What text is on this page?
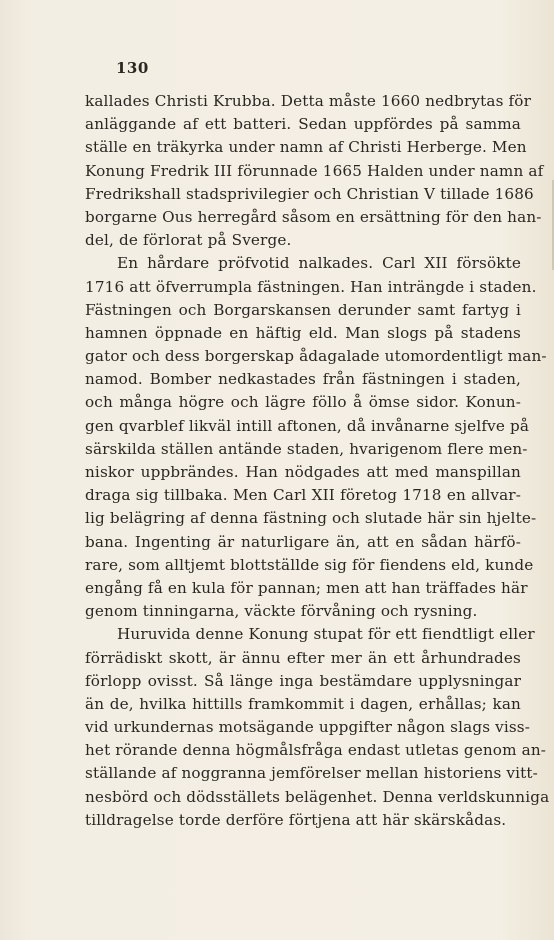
130
kallades Christi Krubba. Detta måste 1660 nedbrytas för
anläggande af ett batteri. Sedan uppfördes på samma
ställe en träkyrka under namn af Christi Herberge. Men
Konung Fredrik III förunnade 1665 Halden under namn af
Fredrikshall stadsprivilegier och Christian V tillade 1686
borgarne Ous herregård såsom en ersättning för den han-
del, de förlorat på Sverge.
En hårdare pröfvotid nalkades. Carl XII försökte
1716 att öfverrumpla fästningen. Han inträngde i staden.
Fästningen och Borgarskansen derunder samt fartyg i
hamnen öppnade en häftig eld. Man slogs på stadens
gator och dess borgerskap ådagalade utomordentligt man-
namod. Bomber nedkastades från fästningen i staden,
och många högre och lägre föllo å ömse sidor. Konun-
gen qvarblef likväl intill aftonen, då invånarne sjelfve på
särskilda ställen antände staden, hvarigenom flere men-
niskor uppbrändes. Han nödgades att med manspillan
draga sig tillbaka. Men Carl XII företog 1718 en allvar-
lig belägring af denna fästning och slutade här sin hjelte-
bana. Ingenting är naturligare än, att en sådan härfö-
rare, som alltjemt blottställde sig för fiendens eld, kunde
engång få en kula för pannan; men att han träffades här
genom tinningarna, väckte förvåning och rysning.
Huruvida denne Konung stupat för ett fiendtligt eller
förrädiskt skott, är ännu efter mer än ett århundrades
förlopp ovisst. Så länge inga bestämdare upplysningar
än de, hvilka hittills framkommit i dagen, erhållas; kan
vid urkundernas motsägande uppgifter någon slags viss-
het rörande denna högmålsfråga endast utletas genom an-
ställande af noggranna jemförelser mellan historiens vitt-
nesbörd och dödsställets belägenhet. Denna verldskunniga
tilldragelse torde derföre förtjena att här skärskådas.
